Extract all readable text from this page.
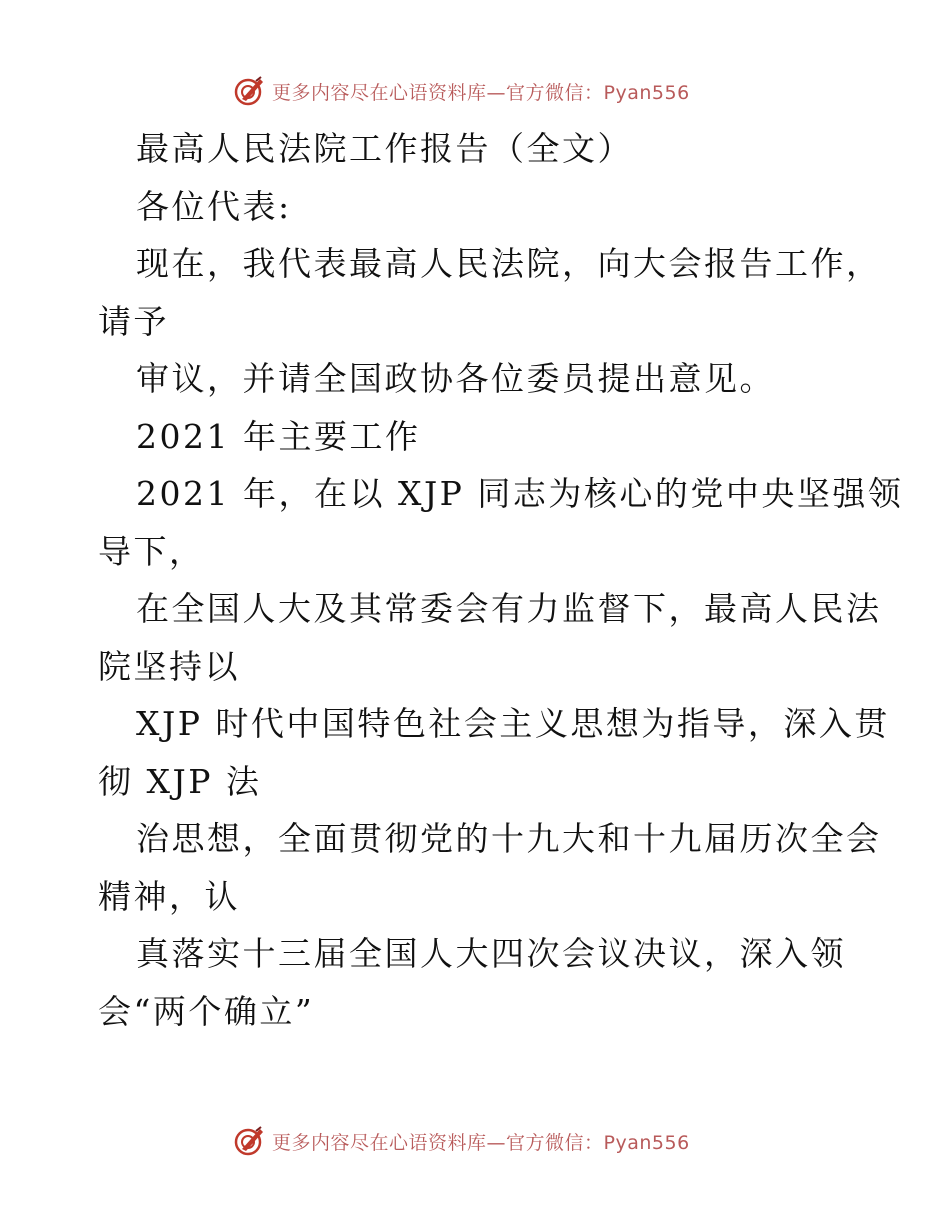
更多内容尽在心语资料库—官方微信：Pyan556
最高人民法院工作报告（全文）
各位代表:
现在，我代表最高人民法院，向大会报告工作，
请予
审议，并请全国政协各位委员提出意见。
2021 年主要工作
2021 年，在以 XJP 同志为核心的党中央坚强领
导下，
在全国人大及其常委会有力监督下，最高人民法
院坚持以
XJP 时代中国特色社会主义思想为指导，深入贯
彻 XJP 法
治思想，全面贯彻党的十九大和十九届历次全会
精神，认
真落实十三届全国人大四次会议决议，深入领
会“两个确立”
更多内容尽在心语资料库—官方微信：Pyan556
